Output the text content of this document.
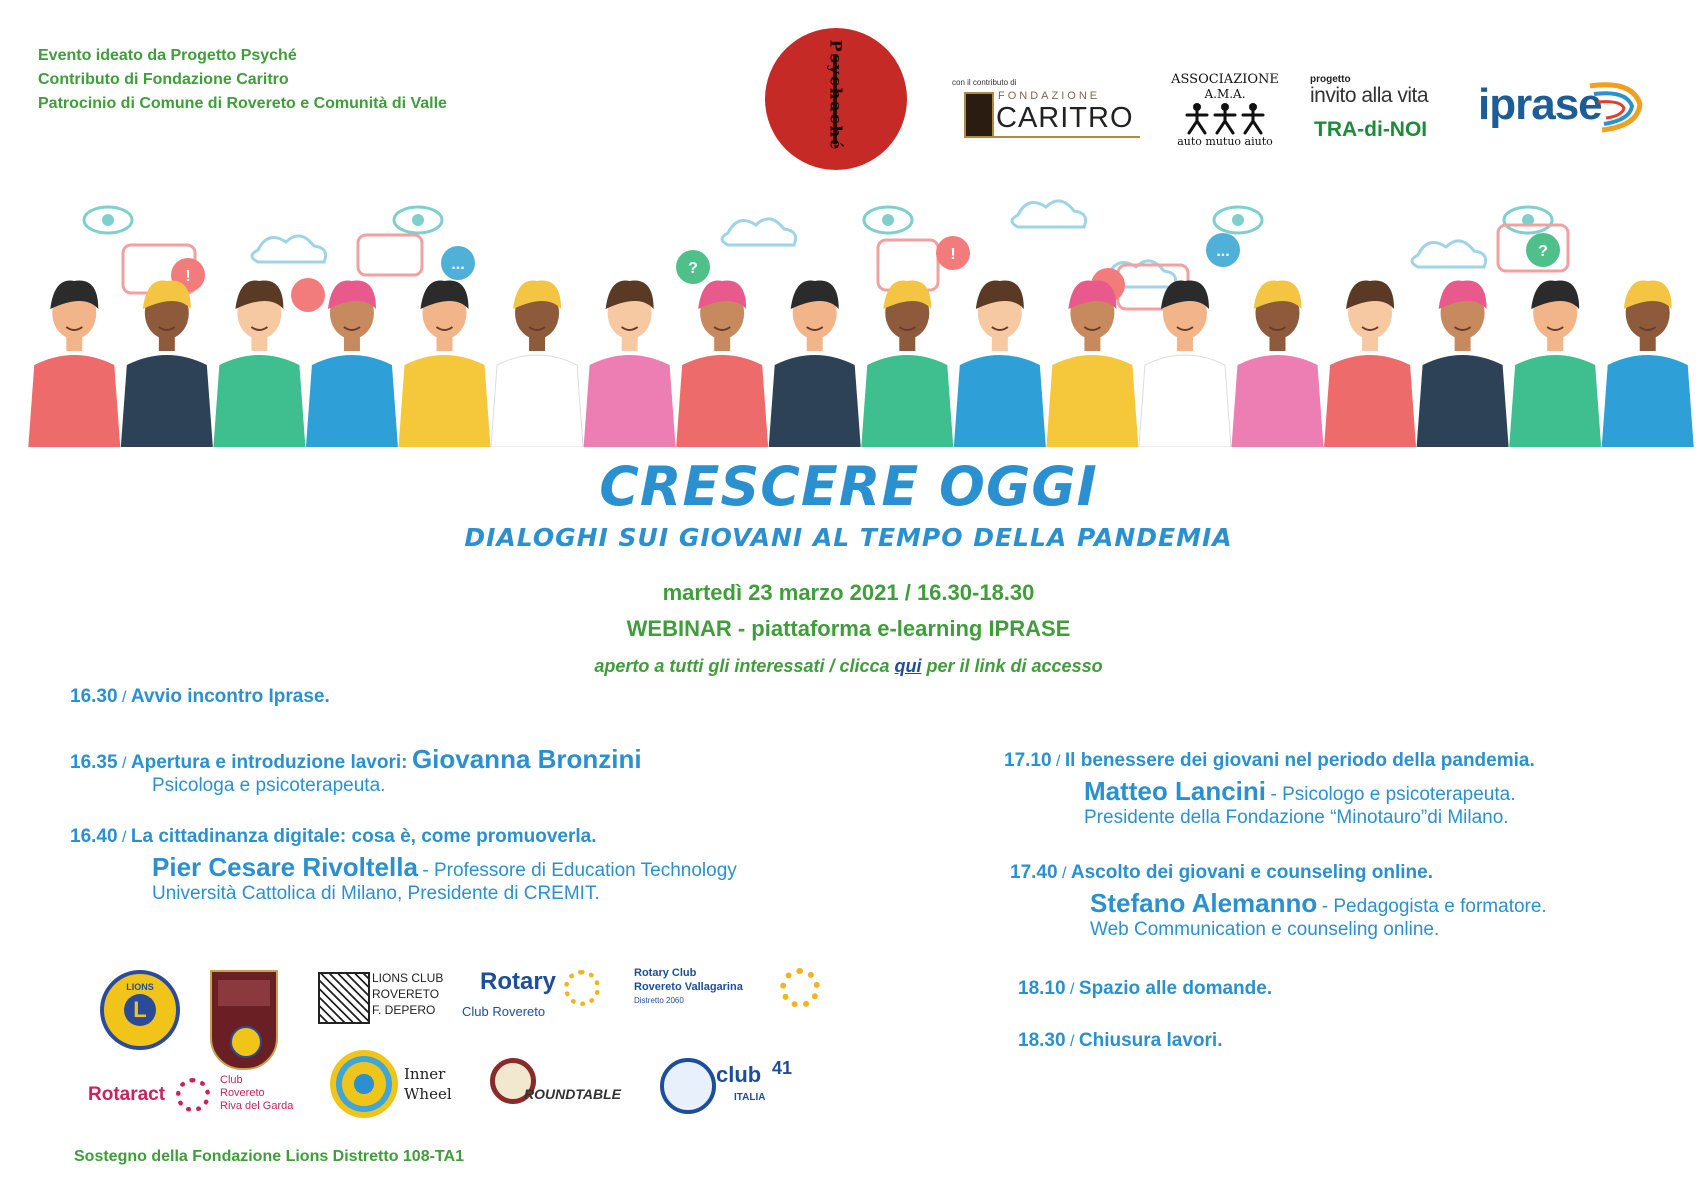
Evento ideato da Progetto Psyché
Contributo di Fondazione Caritro
Patrocinio di Comune di Rovereto e Comunità di Valle	Psychaché	con il contributo di
FONDAZIONE
CARITRO
ASSOCIAZIONE
A.M.A.
auto mutuo aiuto
progetto
invito alla vita
TRA-di-NOI
iprase
!
...	?
!	...	?
CRESCERE OGGI
DIALOGHI SUI GIOVANI AL TEMPO DELLA PANDEMIA
martedì 23 marzo 2021 / 16.30-18.30
WEBINAR - piattaforma e-learning IPRASE
aperto a tutti gli interessati / clicca qui per il link di accesso
16.30 / Avvio incontro Iprase.
16.35 / Apertura e introduzione lavori: Giovanna Bronzini
Psicologa e psicoterapeuta.
16.40 / La cittadinanza digitale: cosa è, come promuoverla.
Pier Cesare Rivoltella - Professore di Education Technology
Università Cattolica di Milano, Presidente di CREMIT.
17.10 / Il benessere dei giovani nel periodo della pandemia.
Matteo Lancini - Psicologo e psicoterapeuta.
Presidente della Fondazione “Minotauro”di Milano.
17.40 / Ascolto dei giovani e counseling online.
Stefano Alemanno - Pedagogista e formatore.
Web Communication e counseling online.
18.10 / Spazio alle domande.
18.30 / Chiusura lavori.
LIONS
L
LIONS CLUB
ROVERETO
F. DEPERO
Rotary
Club Rovereto
Rotary Club
Rovereto Vallagarina
Distretto 2060
Rotaract
Club
Rovereto
Riva del Garda
Inner
Wheel	ROUNDTABLE
club 41
ITALIA
Sostegno della Fondazione Lions Distretto 108-TA1
